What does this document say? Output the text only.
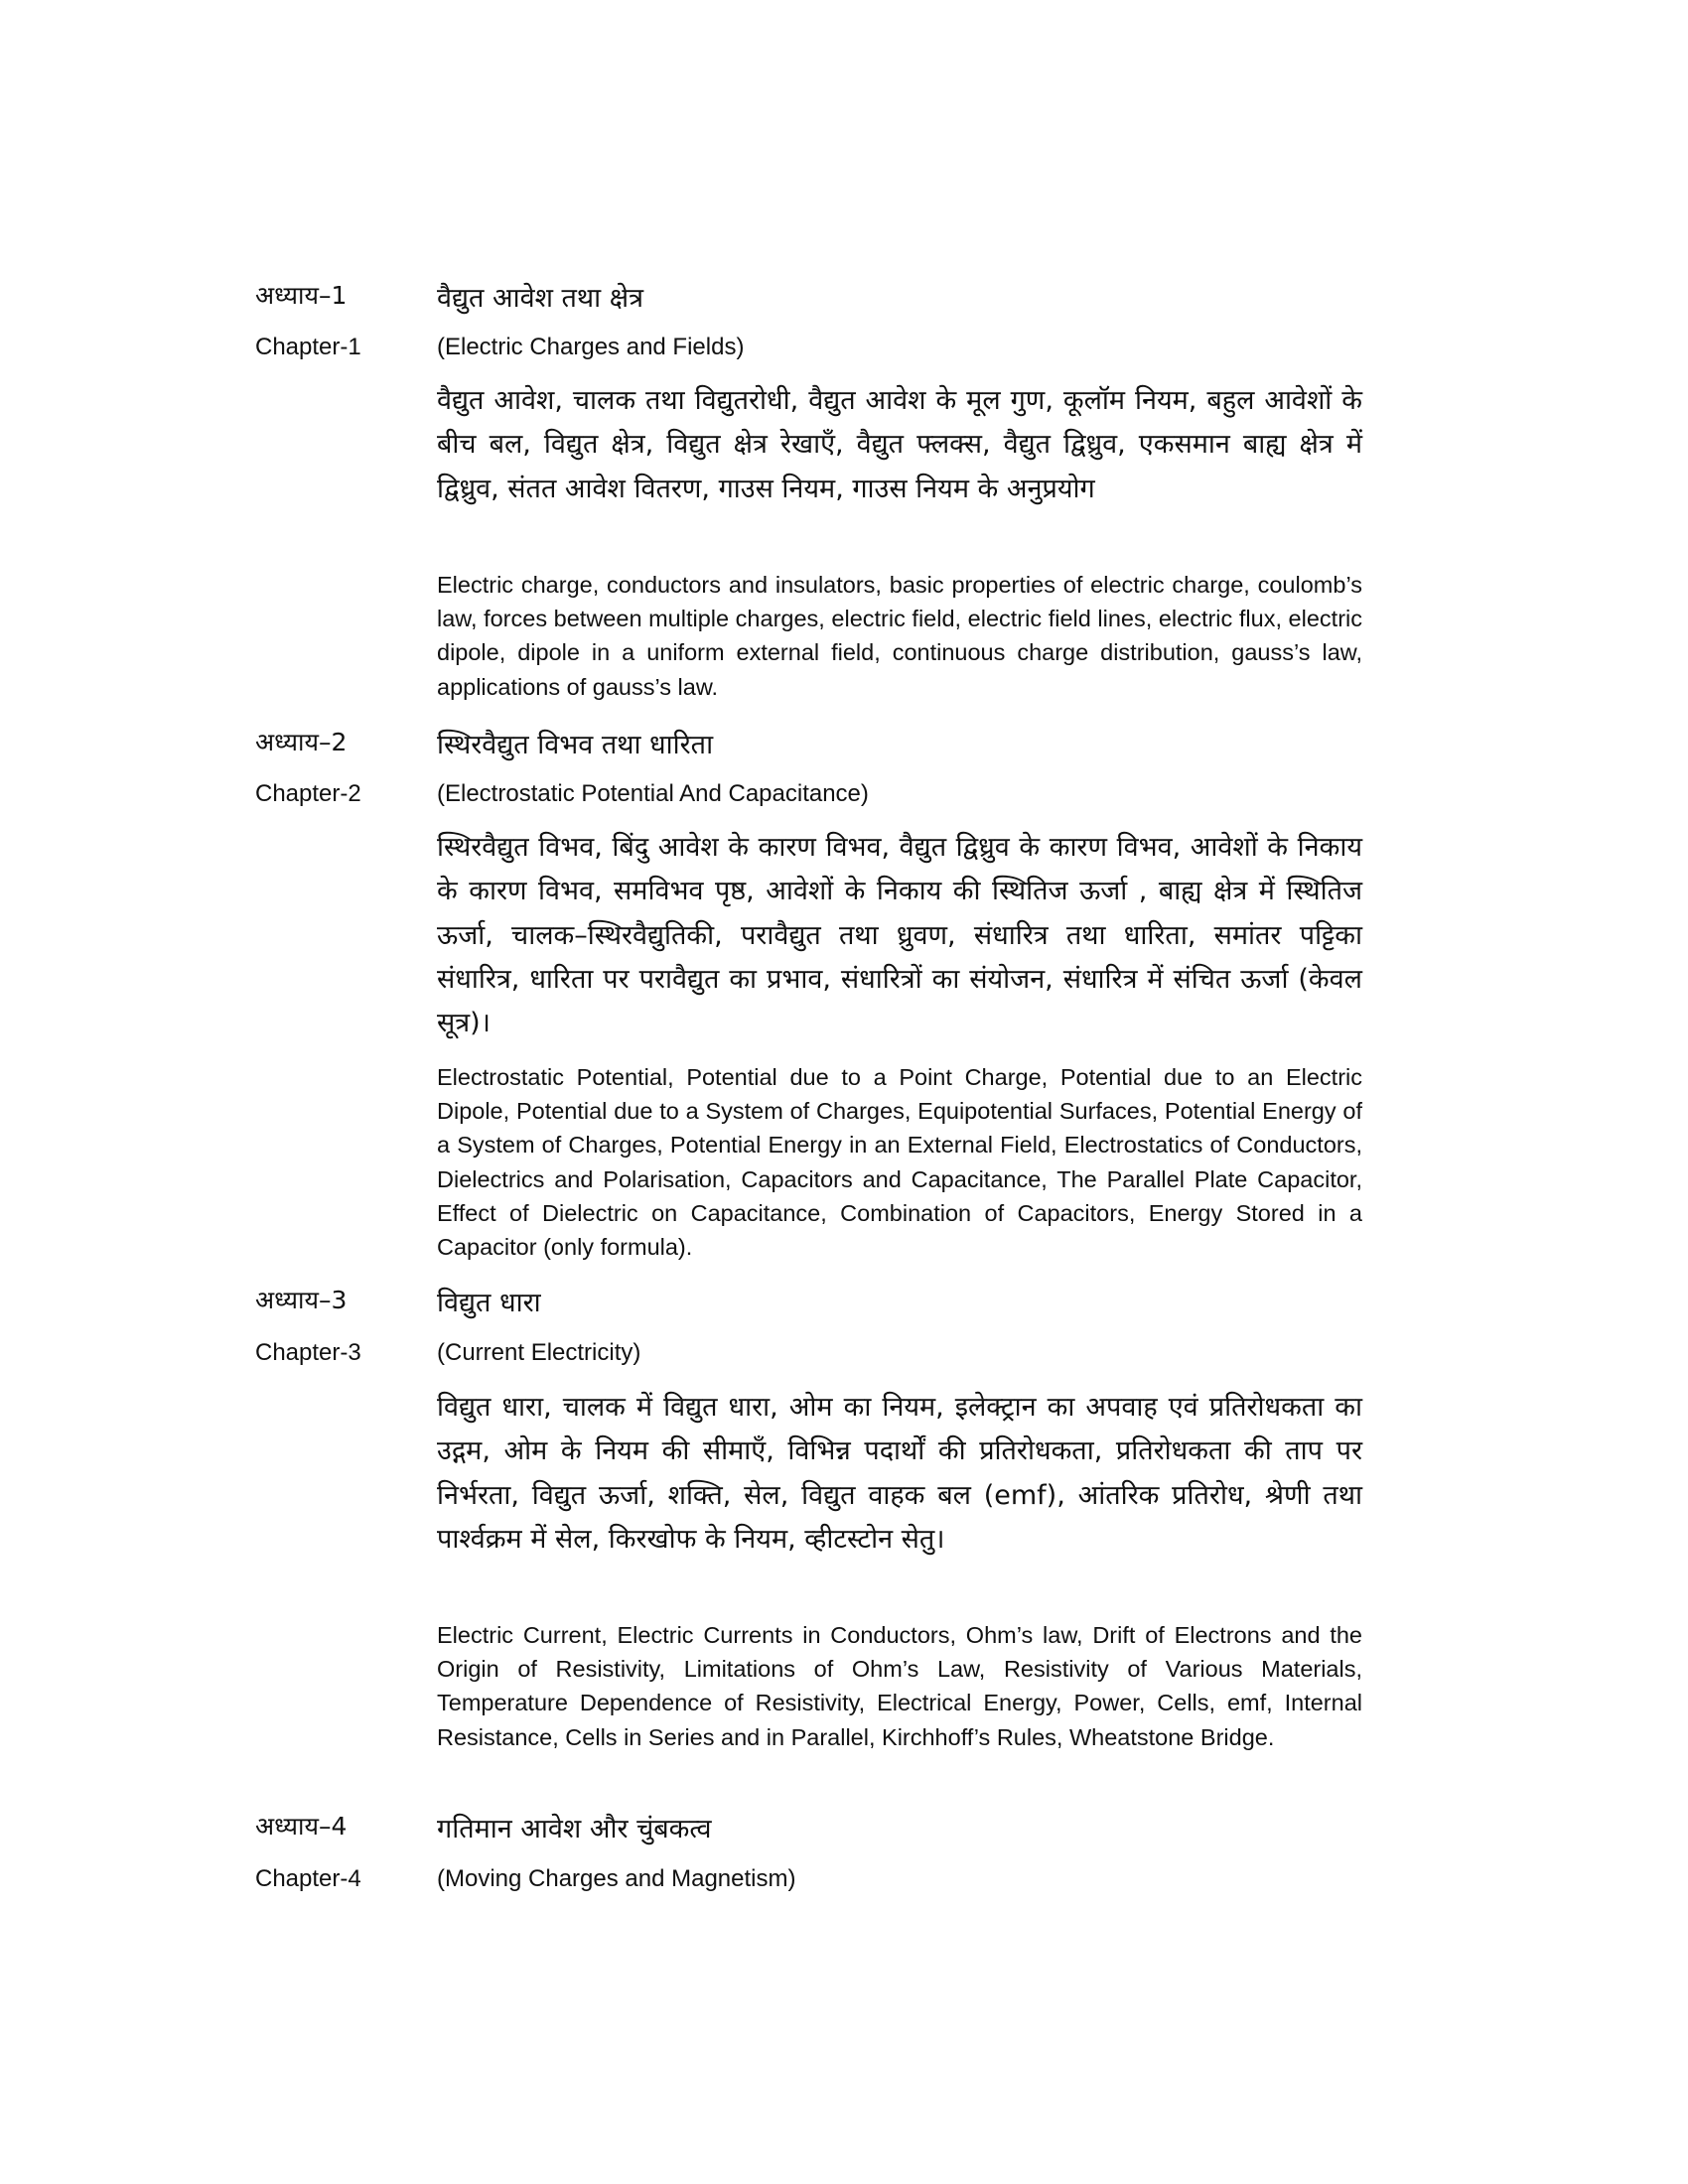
अध्याय–1	वैद्युत आवेश तथा क्षेत्र
Chapter-1	(Electric Charges and Fields)

वैद्युत आवेश, चालक तथा विद्युतरोधी, वैद्युत आवेश के मूल गुण, कूलॉम नियम, बहुल आवेशों के बीच बल, विद्युत क्षेत्र, विद्युत क्षेत्र रेखाएँ, वैद्युत फ्लक्स, वैद्युत द्विध्रुव, एकसमान बाह्य क्षेत्र में द्विध्रुव, संतत आवेश वितरण, गाउस नियम, गाउस नियम के अनुप्रयोग

Electric charge, conductors and insulators, basic properties of electric charge, coulomb’s law, forces between multiple charges, electric field, electric field lines, electric flux, electric dipole, dipole in a uniform external field, continuous charge distribution, gauss’s law, applications of gauss’s law.

अध्याय–2	स्थिरवैद्युत विभव तथा धारिता
Chapter-2	(Electrostatic Potential And Capacitance)

स्थिरवैद्युत विभव, बिंदु आवेश के कारण विभव, वैद्युत द्विध्रुव के कारण विभव, आवेशों के निकाय के कारण विभव, समविभव पृष्ठ, आवेशों के निकाय की स्थितिज ऊर्जा , बाह्य क्षेत्र में स्थितिज ऊर्जा, चालक–स्थिरवैद्युतिकी, परावैद्युत तथा ध्रुवण, संधारित्र तथा धारिता, समांतर पट्टिका संधारित्र, धारिता पर परावैद्युत का प्रभाव, संधारित्रों का संयोजन, संधारित्र में संचित ऊर्जा (केवल सूत्र)।

Electrostatic Potential, Potential due to a Point Charge, Potential due to an Electric Dipole, Potential due to a System of Charges, Equipotential Surfaces, Potential Energy of a System of Charges, Potential Energy in an External Field, Electrostatics of Conductors, Dielectrics and Polarisation, Capacitors and Capacitance, The Parallel Plate Capacitor, Effect of Dielectric on Capacitance, Combination of Capacitors, Energy Stored in a Capacitor (only formula).

अध्याय–3	विद्युत धारा
Chapter-3	(Current Electricity)

विद्युत धारा, चालक में विद्युत धारा, ओम का नियम, इलेक्ट्रान का अपवाह एवं प्रतिरोधकता का उद्गम, ओम के नियम की सीमाएँ, विभिन्न पदार्थों की प्रतिरोधकता, प्रतिरोधकता की ताप पर निर्भरता, विद्युत ऊर्जा, शक्ति, सेल, विद्युत वाहक बल (emf), आंतरिक प्रतिरोध, श्रेणी तथा पार्श्वक्रम में सेल, किरखोफ के नियम, व्हीटस्टोन सेतु।

Electric Current, Electric Currents in Conductors, Ohm’s law, Drift of Electrons and the Origin of Resistivity, Limitations of Ohm’s Law, Resistivity of Various Materials, Temperature Dependence of Resistivity, Electrical Energy, Power, Cells, emf, Internal Resistance, Cells in Series and in Parallel, Kirchhoff’s Rules, Wheatstone Bridge.

अध्याय–4	गतिमान आवेश और चुंबकत्व
Chapter-4	(Moving Charges and Magnetism)
